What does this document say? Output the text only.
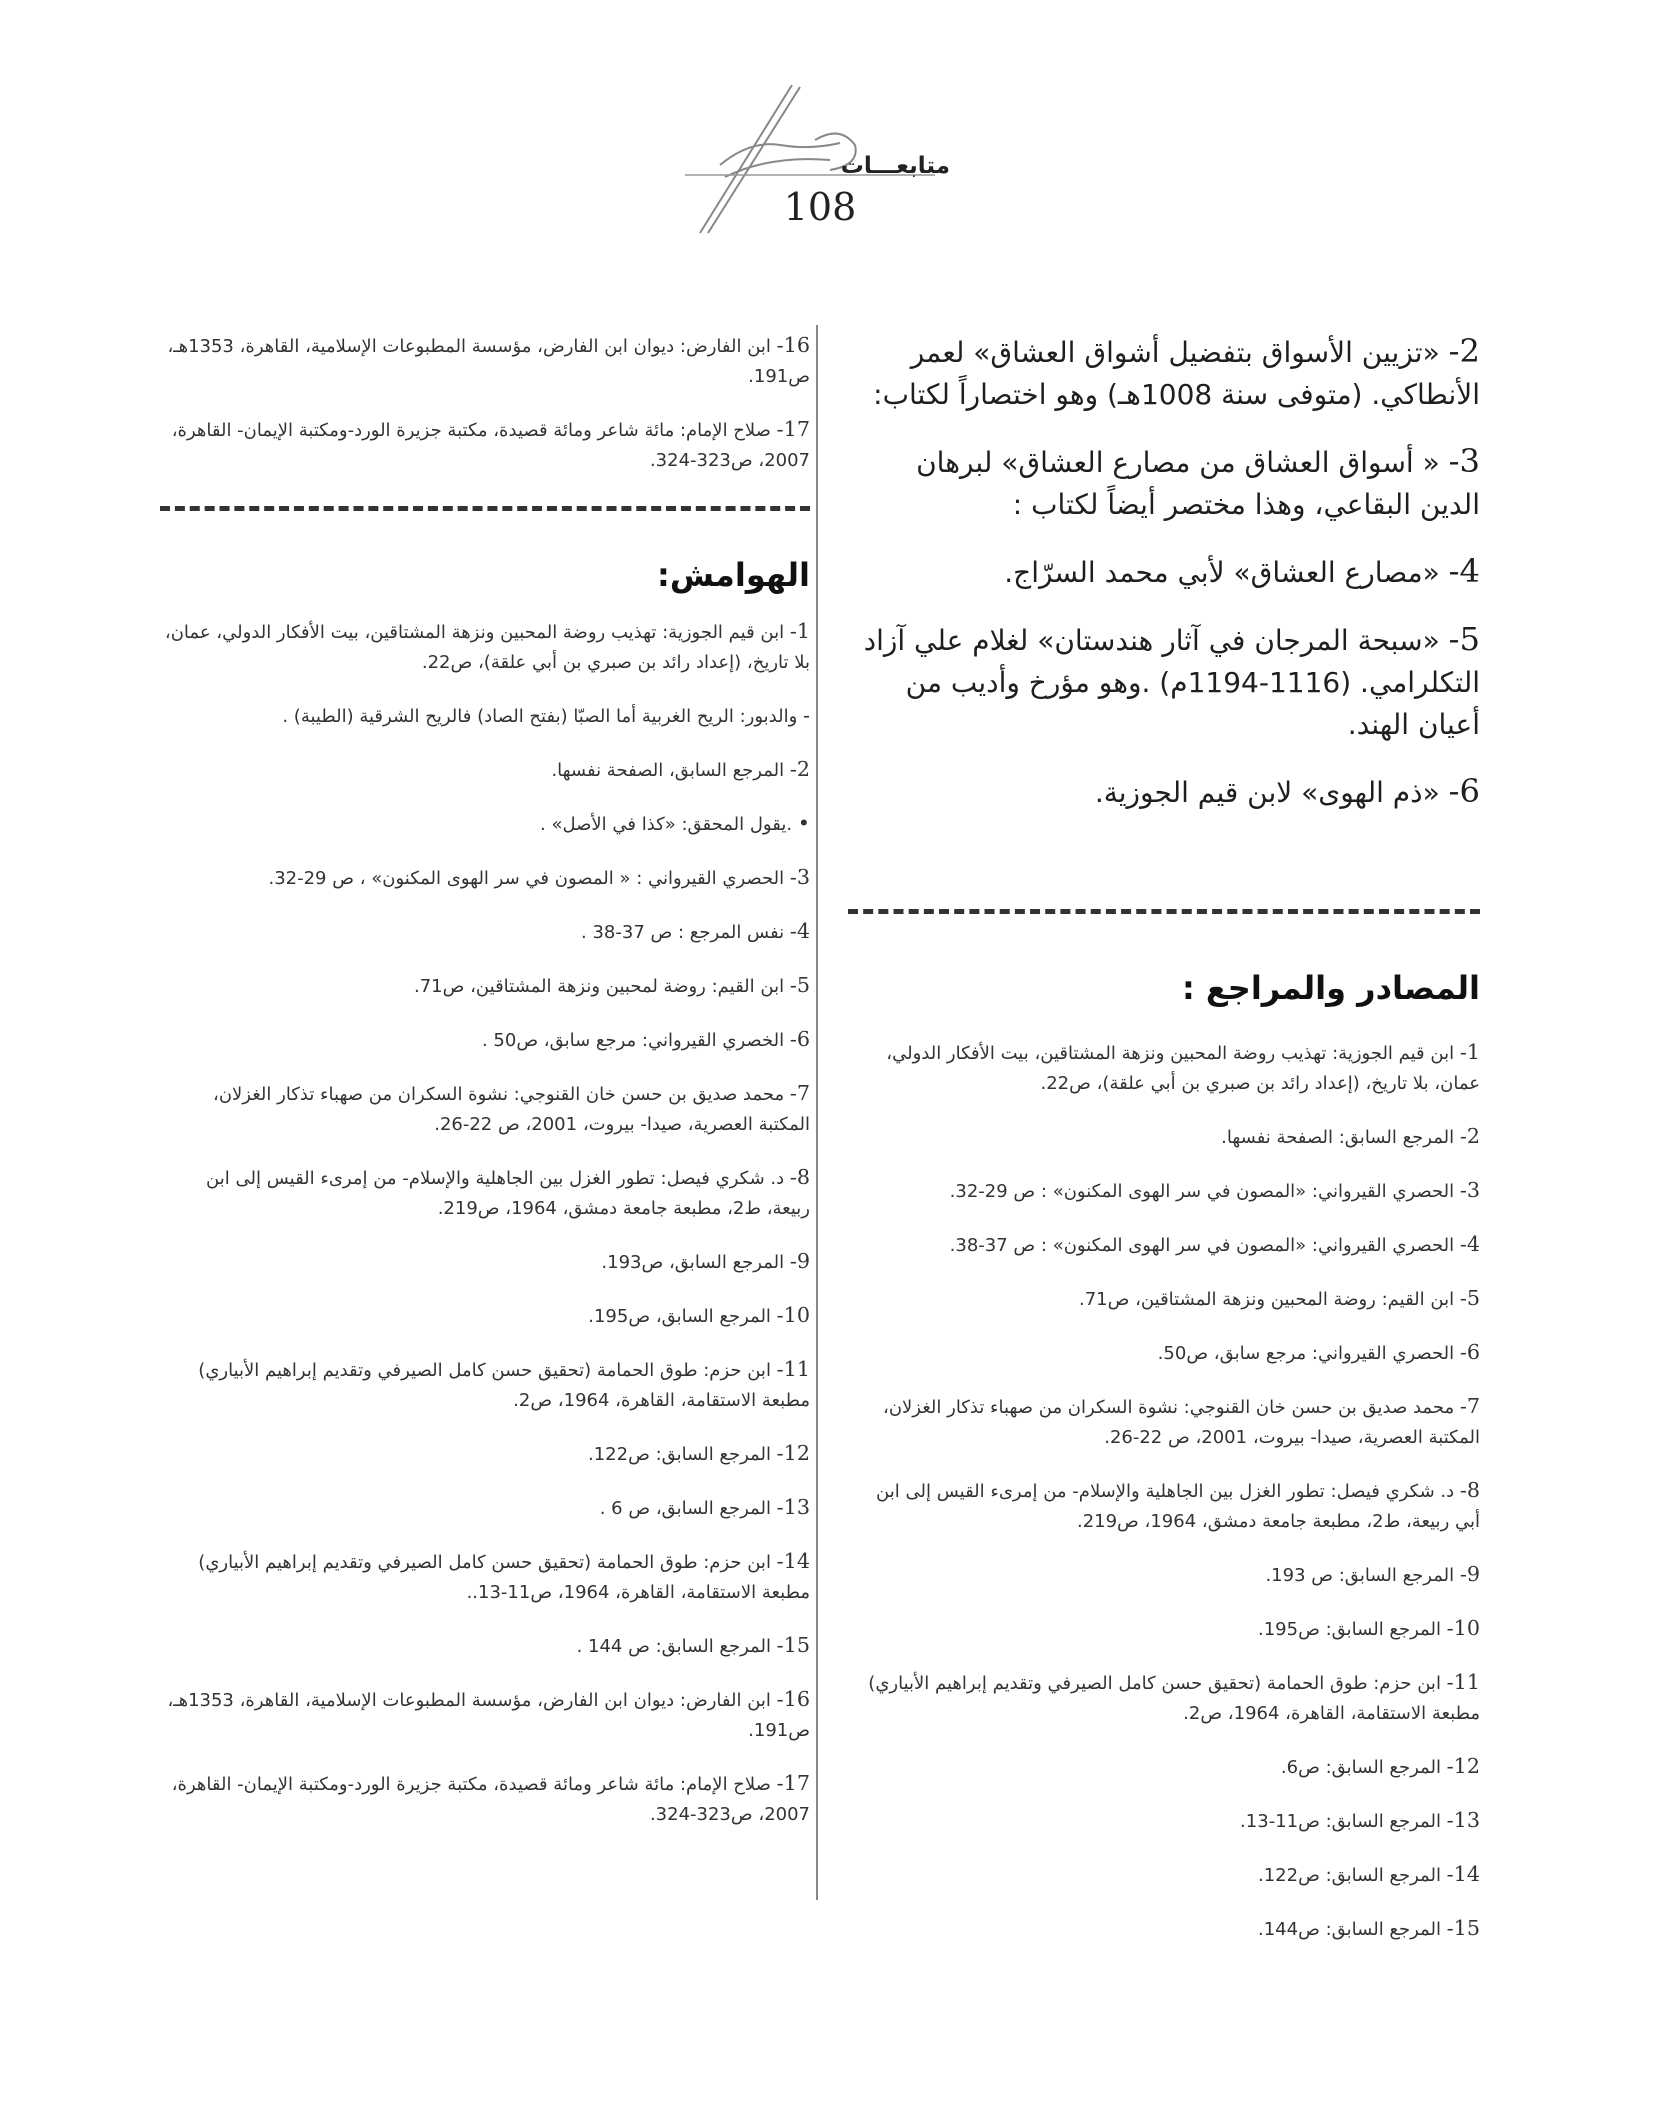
متابعـــات
108
2- «تزيين الأسواق بتفضيل أشواق العشاق» لعمر الأنطاكي. (متوفى سنة 1008هـ) وهو اختصاراً لكتاب:
3- « أسواق العشاق من مصارع العشاق» لبرهان الدين البقاعي، وهذا مختصر أيضاً لكتاب :
4- «مصارع العشاق» لأبي محمد السرّاج.
5- «سبحة المرجان في آثار هندستان» لغلام علي آزاد التكلرامي. (1116-1194م) .وهو مؤرخ وأديب من أعيان الهند.
6- «ذم الهوى» لابن قيم الجوزية.
المصادر والمراجع :
1- ابن قيم الجوزية: تهذيب روضة المحبين ونزهة المشتاقين، بيت الأفكار الدولي، عمان، بلا تاريخ، (إعداد رائد بن صبري بن أبي علقة)، ص22.
2- المرجع السابق: الصفحة نفسها.
3- الحصري القيرواني: «المصون في سر الهوى المكنون» : ص 29-32.
4- الحصري القيرواني: «المصون في سر الهوى المكنون» : ص 37-38.
5- ابن القيم: روضة المحبين ونزهة المشتاقين، ص71.
6- الحصري القيرواني: مرجع سابق، ص50.
7- محمد صديق بن حسن خان القنوجي: نشوة السكران من صهباء تذكار الغزلان، المكتبة العصرية، صيدا- بيروت، 2001، ص 22-26.
8- د. شكري فيصل: تطور الغزل بين الجاهلية والإسلام- من إمرىء القيس إلى ابن أبي ربيعة، ط2، مطبعة جامعة دمشق، 1964، ص219.
9- المرجع السابق: ص 193.
10- المرجع السابق: ص195.
11- ابن حزم: طوق الحمامة (تحقيق حسن كامل الصيرفي وتقديم إبراهيم الأبياري) مطبعة الاستقامة، القاهرة، 1964، ص2.
12- المرجع السابق: ص6.
13- المرجع السابق: ص11-13.
14- المرجع السابق: ص122.
15- المرجع السابق: ص144.
16- ابن الفارض: ديوان ابن الفارض، مؤسسة المطبوعات الإسلامية، القاهرة، 1353هـ، ص191.
17- صلاح الإمام: مائة شاعر ومائة قصيدة، مكتبة جزيرة الورد-ومكتبة الإيمان- القاهرة، 2007، ص323-324.
الهوامش:
1- ابن قيم الجوزية: تهذيب روضة المحبين ونزهة المشتاقين، بيت الأفكار الدولي، عمان، بلا تاريخ، (إعداد رائد بن صبري بن أبي علقة)، ص22.
- والدبور: الريح الغربية أما الصبّا (بفتح الصاد) فالريح الشرقية (الطيبة) .
2- المرجع السابق، الصفحة نفسها.
• .يقول المحقق: «كذا في الأصل» .
3- الحصري القيرواني : « المصون في سر الهوى المكنون» ، ص 29-32.
4- نفس المرجع : ص 37-38 .
5- ابن القيم: روضة لمحبين ونزهة المشتاقين، ص71.
6- الخصري القيرواني: مرجع سابق، ص50 .
7- محمد صديق بن حسن خان القنوجي: نشوة السكران من صهباء تذكار الغزلان، المكتبة العصرية، صيدا- بيروت، 2001، ص 22-26.
8- د. شكري فيصل: تطور الغزل بين الجاهلية والإسلام- من إمرىء القيس إلى ابن ربيعة، ط2، مطبعة جامعة دمشق، 1964، ص219.
9- المرجع السابق، ص193.
10- المرجع السابق، ص195.
11- ابن حزم: طوق الحمامة (تحقيق حسن كامل الصيرفي وتقديم إبراهيم الأبياري) مطبعة الاستقامة، القاهرة، 1964، ص2.
12- المرجع السابق: ص122.
13- المرجع السابق، ص 6 .
14- ابن حزم: طوق الحمامة (تحقيق حسن كامل الصيرفي وتقديم إبراهيم الأبياري) مطبعة الاستقامة، القاهرة، 1964، ص11-13..
15- المرجع السابق: ص 144 .
16- ابن الفارض: ديوان ابن الفارض، مؤسسة المطبوعات الإسلامية، القاهرة، 1353هـ، ص191.
17- صلاح الإمام: مائة شاعر ومائة قصيدة، مكتبة جزيرة الورد-ومكتبة الإيمان- القاهرة، 2007، ص323-324.
